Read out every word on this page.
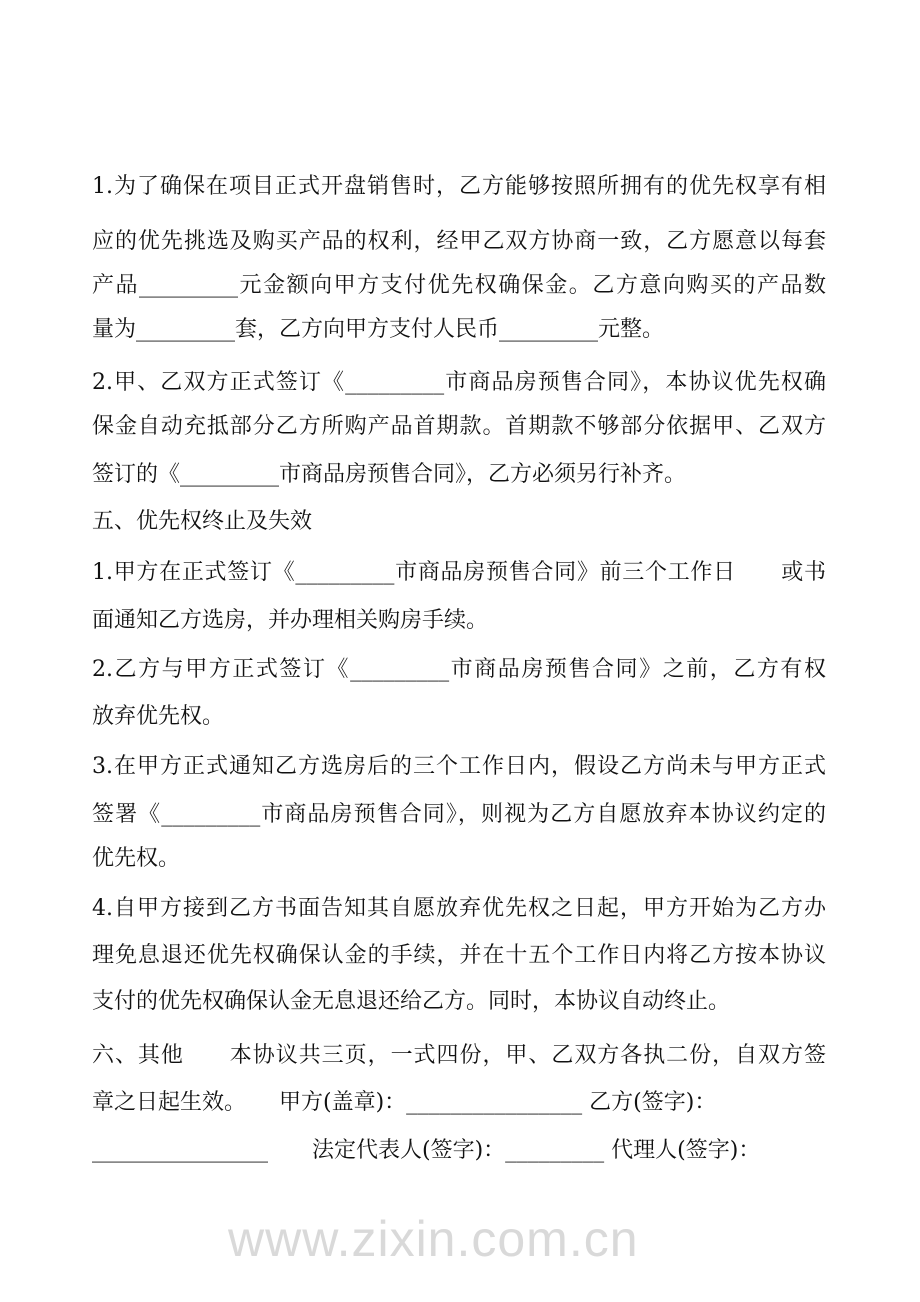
www.zixin.com.cn
1.为了确保在项目正式开盘销售时，乙方能够按照所拥有的优先权享有相
应的优先挑选及购买产品的权利，经甲乙双方协商一致，乙方愿意以每套
产品_________元金额向甲方支付优先权确保金。乙方意向购买的产品数
量为_________套，乙方向甲方支付人民币_________元整。
2.甲、乙双方正式签订《_________市商品房预售合同》，本协议优先权确
保金自动充抵部分乙方所购产品首期款。首期款不够部分依据甲、乙双方
签订的《_________市商品房预售合同》，乙方必须另行补齐。
五、优先权终止及失效
1.甲方在正式签订《_________市商品房预售合同》前三个工作日　　或书
面通知乙方选房，并办理相关购房手续。
2.乙方与甲方正式签订《_________市商品房预售合同》之前，乙方有权
放弃优先权。
3.在甲方正式通知乙方选房后的三个工作日内，假设乙方尚未与甲方正式
签署《_________市商品房预售合同》，则视为乙方自愿放弃本协议约定的
优先权。
4.自甲方接到乙方书面告知其自愿放弃优先权之日起，甲方开始为乙方办
理免息退还优先权确保认金的手续，并在十五个工作日内将乙方按本协议
支付的优先权确保认金无息退还给乙方。同时，本协议自动终止。
六、其他　　本协议共三页，一式四份，甲、乙双方各执二份，自双方签
章之日起生效。　　甲方(盖章)：________________ 乙方(签字)：
________________　　法定代表人(签字)：_________ 代理人(签字)：
